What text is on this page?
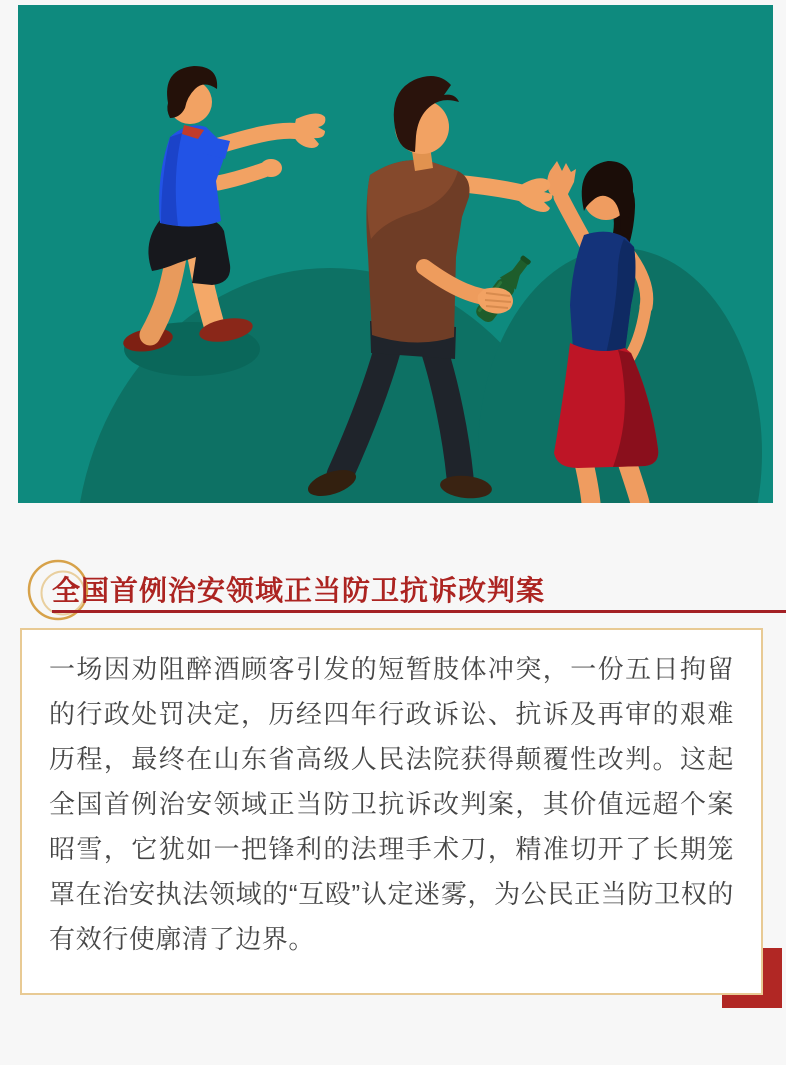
全国首例治安领域正当防卫抗诉改判案

一场因劝阻醉酒顾客引发的短暂肢体冲突，一份五日拘留的行政处罚决定，历经四年行政诉讼、抗诉及再审的艰难历程，最终在山东省高级人民法院获得颠覆性改判。这起全国首例治安领域正当防卫抗诉改判案，其价值远超个案昭雪，它犹如一把锋利的法理手术刀，精准切开了长期笼罩在治安执法领域的“互殴”认定迷雾，为公民正当防卫权的有效行使廓清了边界。
